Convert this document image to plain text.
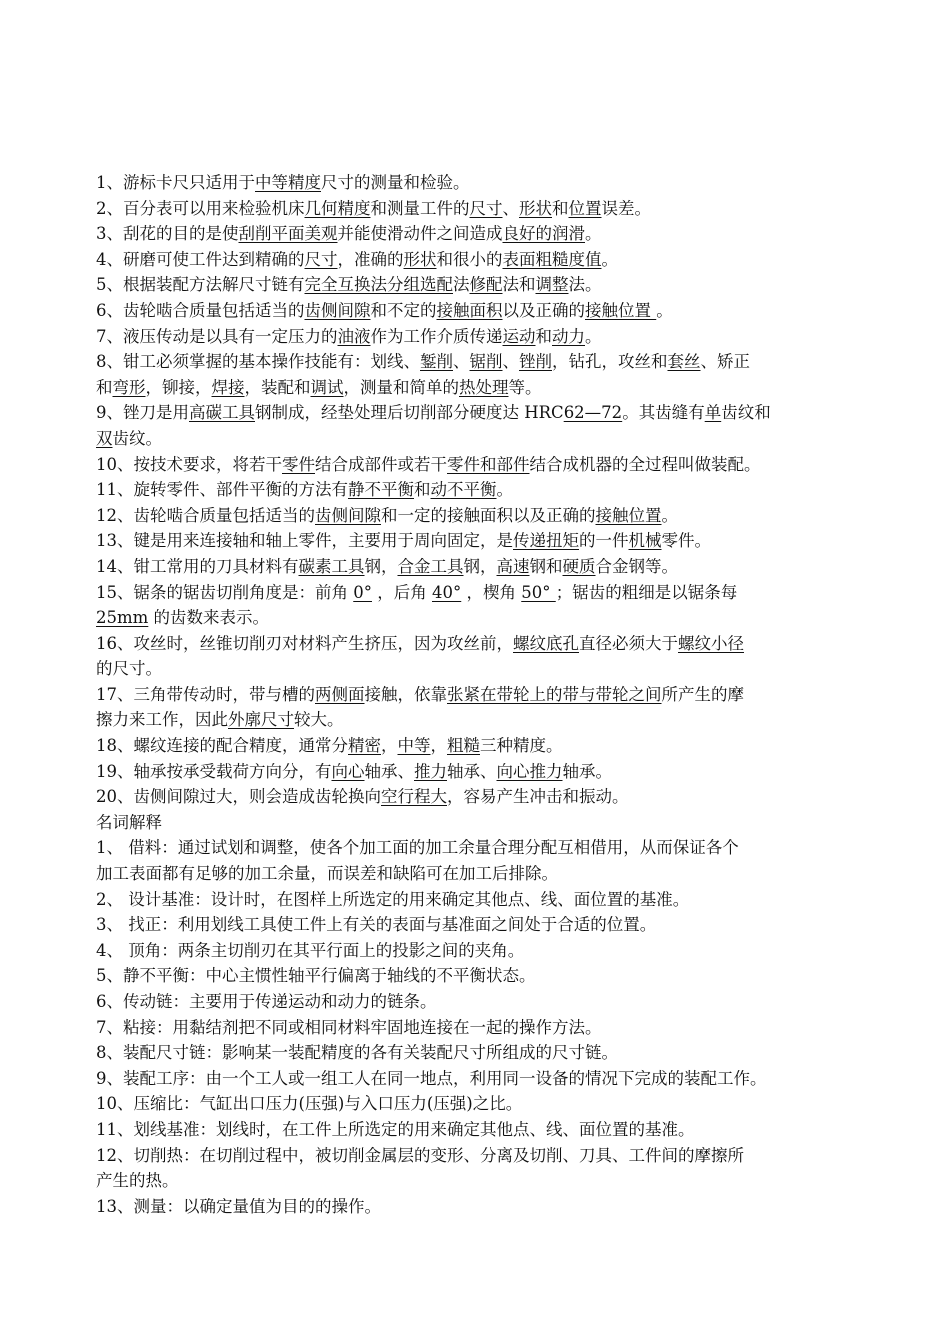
1、游标卡尺只适用于中等精度尺寸的测量和检验。
2、百分表可以用来检验机床几何精度和测量工件的尺寸、形状和位置误差。
3、刮花的目的是使刮削平面美观并能使滑动件之间造成良好的润滑。
4、研磨可使工件达到精确的尺寸，准确的形状和很小的表面粗糙度值。
5、根据装配方法解尺寸链有完全互换法分组选配法修配法和调整法。
6、齿轮啮合质量包括适当的齿侧间隙和不定的接触面积以及正确的接触位置 。
7、液压传动是以具有一定压力的油液作为工作介质传递运动和动力。
8、钳工必须掌握的基本操作技能有：划线、錾削、锯削、锉削，钻孔，攻丝和套丝、矫正
和弯形，铆接，焊接，装配和调试，测量和简单的热处理等。
9、锉刀是用高碳工具钢制成，经垫处理后切削部分硬度达 HRC62—72。其齿缝有单齿纹和
双齿纹。
10、按技术要求，将若干零件结合成部件或若干零件和部件结合成机器的全过程叫做装配。
11、旋转零件、部件平衡的方法有静不平衡和动不平衡。
12、齿轮啮合质量包括适当的齿侧间隙和一定的接触面积以及正确的接触位置。
13、键是用来连接轴和轴上零件，主要用于周向固定，是传递扭矩的一件机械零件。
14、钳工常用的刀具材料有碳素工具钢，合金工具钢，高速钢和硬质合金钢等。
15、锯条的锯齿切削角度是：前角 0° ，后角 40° ，楔角 50° ；锯齿的粗细是以锯条每
25mm 的齿数来表示。
16、攻丝时，丝锥切削刃对材料产生挤压，因为攻丝前，螺纹底孔直径必须大于螺纹小径
的尺寸。
17、三角带传动时，带与槽的两侧面接触，依靠张紧在带轮上的带与带轮之间所产生的摩
擦力来工作，因此外廓尺寸较大。
18、螺纹连接的配合精度，通常分精密，中等，粗糙三种精度。
19、轴承按承受载荷方向分，有向心轴承、推力轴承、向心推力轴承。
20、齿侧间隙过大，则会造成齿轮换向空行程大，容易产生冲击和振动。
名词解释
1、 借料：通过试划和调整，使各个加工面的加工余量合理分配互相借用，从而保证各个
加工表面都有足够的加工余量，而误差和缺陷可在加工后排除。
2、 设计基准：设计时，在图样上所选定的用来确定其他点、线、面位置的基准。
3、 找正：利用划线工具使工件上有关的表面与基准面之间处于合适的位置。
4、 顶角：两条主切削刃在其平行面上的投影之间的夹角。
5、静不平衡：中心主惯性轴平行偏离于轴线的不平衡状态。
6、传动链：主要用于传递运动和动力的链条。
7、粘接：用黏结剂把不同或相同材料牢固地连接在一起的操作方法。
8、装配尺寸链：影响某一装配精度的各有关装配尺寸所组成的尺寸链。
9、装配工序：由一个工人或一组工人在同一地点，利用同一设备的情况下完成的装配工作。
10、压缩比：气缸出口压力(压强)与入口压力(压强)之比。
11、划线基准：划线时，在工件上所选定的用来确定其他点、线、面位置的基准。
12、切削热：在切削过程中，被切削金属层的变形、分离及切削、刀具、工件间的摩擦所
产生的热。
13、测量：以确定量值为目的的操作。
